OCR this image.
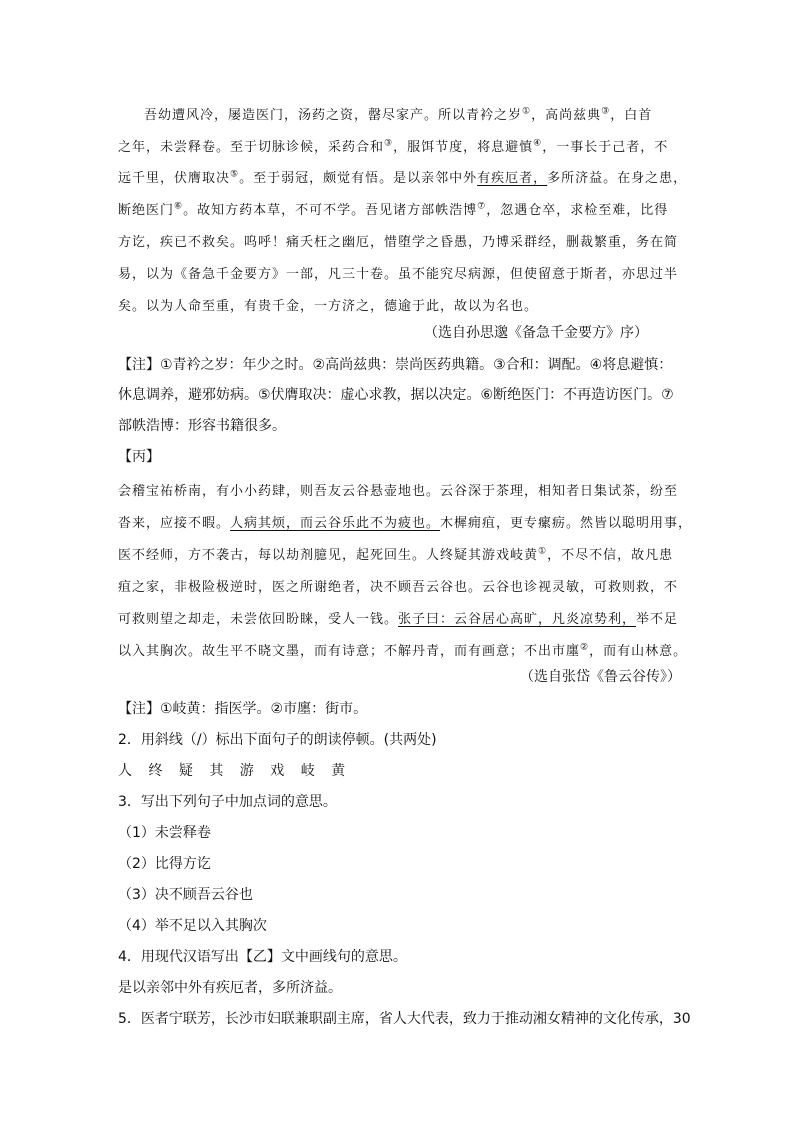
吾幼遭风冷，屡造医门，汤药之资，罄尽家产。所以青衿之岁①，高尚兹典③，白首
之年，未尝释卷。至于切脉诊候，采药合和③，服饵节度，将息避慎④，一事长于己者，不
远千里，伏膺取决⑤。至于弱冠，颇觉有悟。是以亲邻中外有疾厄者，多所济益。在身之患，
断绝医门⑥。故知方药本草，不可不学。吾见诸方部帙浩博⑦，忽遇仓卒，求检至难，比得
方讫，疾已不救矣。呜呼！痛夭枉之幽厄，惜堕学之昏愚，乃博采群经，删裁繁重，务在简
易，以为《备急千金要方》一部，凡三十卷。虽不能究尽病源，但使留意于斯者，亦思过半
矣。以为人命至重，有贵千金，一方济之，德逾于此，故以为名也。
（选自孙思邈《备急千金要方》序）
【注】①青衿之岁：年少之时。②高尚兹典：崇尚医药典籍。③合和：调配。④将息避慎：
休息调养，避邪妨病。⑤伏膺取决：虚心求教，据以决定。⑥断绝医门：不再造访医门。⑦
部帙浩博：形容书籍很多。
【丙】
会稽宝祐桥南，有小小药肆，则吾友云谷悬壶地也。云谷深于茶理，相知者日集试茶，纷至
沓来，应接不暇。人病其烦，而云谷乐此不为疲也。木樨痈疽，更专瘰疬。然皆以聪明用事，
医不经师，方不袭古，每以劫剂臆见，起死回生。人终疑其游戏岐黄①，不尽不信，故凡患
疽之家，非极险极逆时，医之所谢绝者，决不顾吾云谷也。云谷也诊视灵敏，可救则救，不
可救则望之却走，未尝依回盼睐，受人一钱。张子曰：云谷居心高旷，凡炎凉势利，举不足
以入其胸次。故生平不晓文墨，而有诗意；不解丹青，而有画意；不出市廛②，而有山林意。
（选自张岱《鲁云谷传》）
【注】①岐黄：指医学。②市廛：街市。
2．用斜线（/）标出下面句子的朗读停顿。(共两处)
人 终 疑 其 游 戏 岐 黄
3．写出下列句子中加点词的意思。
（1）未尝释卷
（2）比得方讫
（3）决不顾吾云谷也
（4）举不足以入其胸次
4．用现代汉语写出【乙】文中画线句的意思。
是以亲邻中外有疾厄者，多所济益。
5．医者宁联芳，长沙市妇联兼职副主席，省人大代表，致力于推动湘女精神的文化传承，30
